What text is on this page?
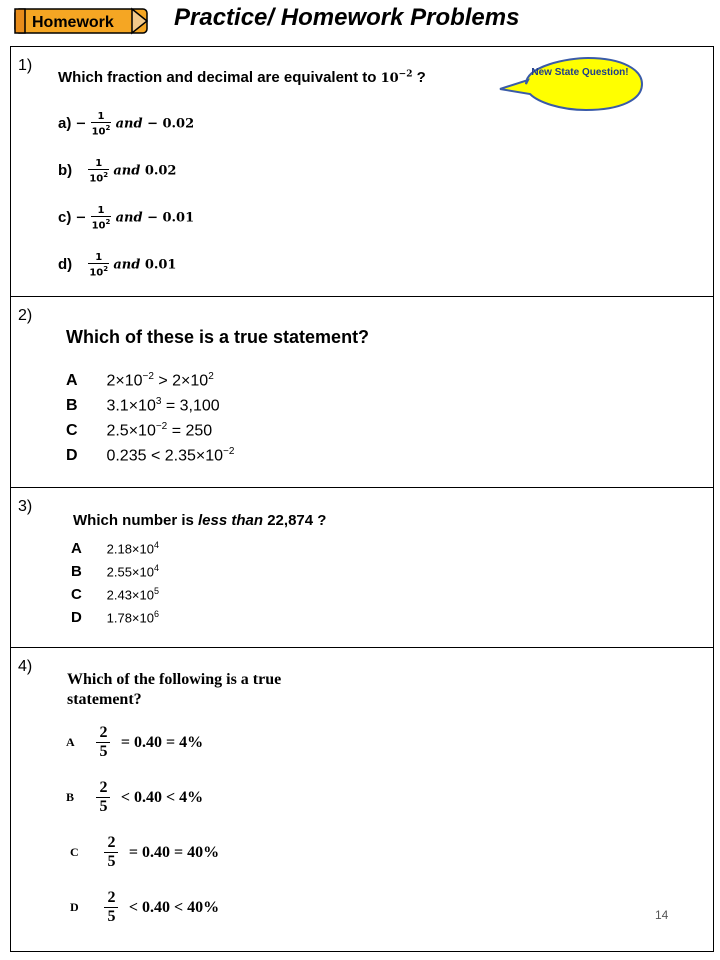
Homework	Practice/ Homework Problems
1)
Which fraction and decimal are equivalent to $10^{-2}$ ?
$a) - \frac{1}{10^2}$ and − 0.02
$b) \frac{1}{10^2}$ and 0.02
$c) - \frac{1}{10^2}$ and − 0.01
$d) \frac{1}{10^2}$ and 0.01
New State Question!
2)
Which of these is a true statement?
A $2\times 10^{-2} > 2\times 10^2$
B $3.1\times 10^3 = 3,100$
C $2.5\times 10^{-2} = 250$
D $0.235 < 2.35\times 10^{-2}$
3)
Which number is less than 22,874 ?
A $2.18\times 10^4$
B $2.55\times 10^4$
C $2.43\times 10^5$
D $1.78\times 10^6$
4)
Which of the following is a true
statement?
A $\frac{2}{5} = 0.40 = 4\%$
B $\frac{2}{5} < 0.40 < 4\%$
C $\frac{2}{5} = 0.40 = 40\%$
D $\frac{2}{5} < 0.40 < 40\%$	14
